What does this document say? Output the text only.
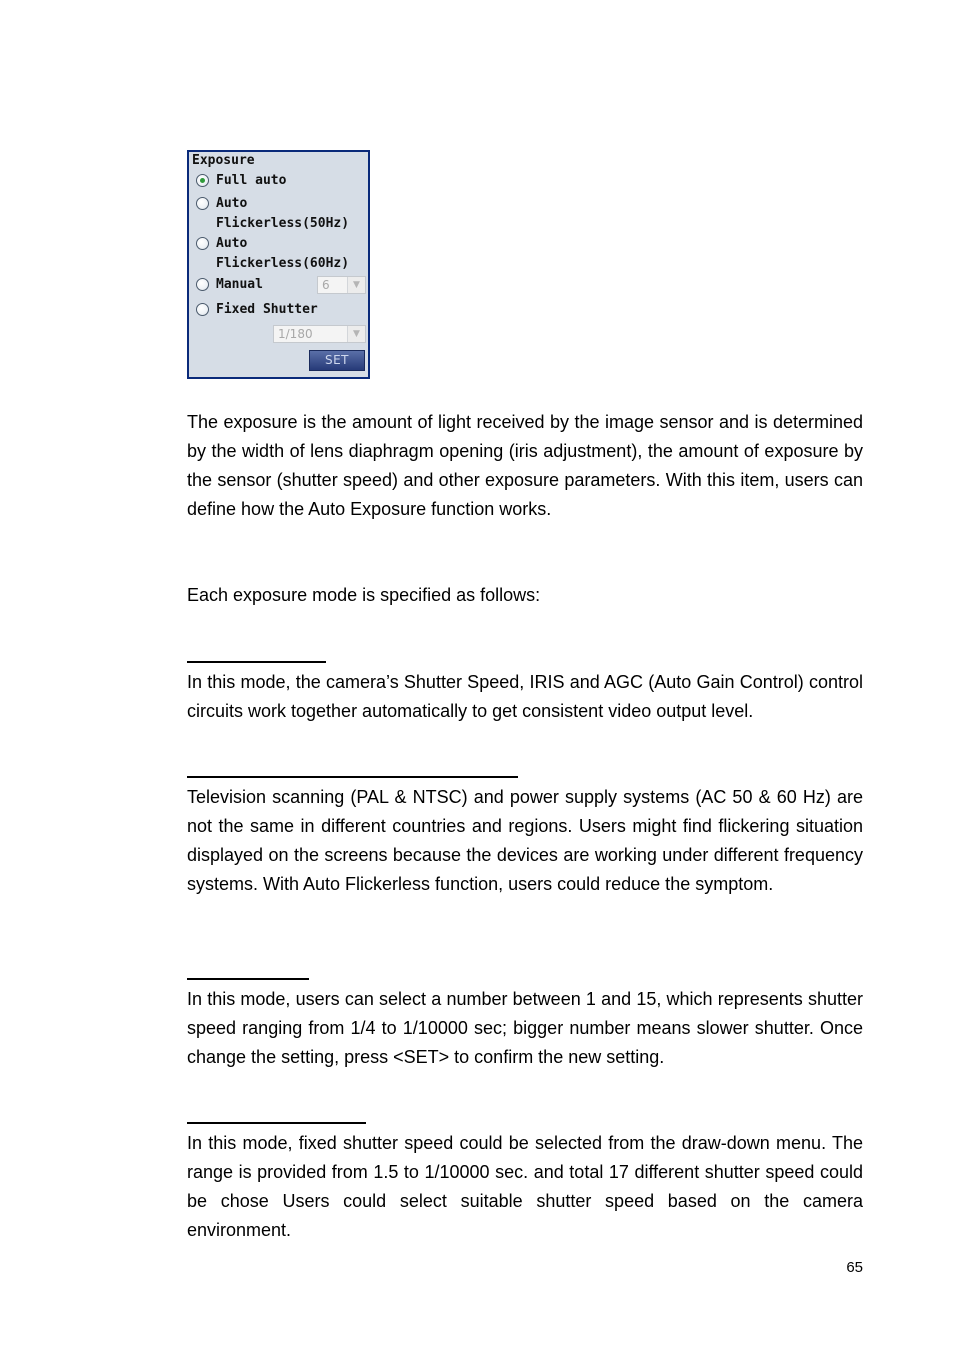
Exposure
Full auto
Auto
Flickerless(50Hz)
Auto
Flickerless(60Hz)
Manual	6	▼
Fixed Shutter
1/180	▼
SET

The exposure is the amount of light received by the image sensor and is determined by the width of lens diaphragm opening (iris adjustment), the amount of exposure by the sensor (shutter speed) and other exposure parameters. With this item, users can define how the Auto Exposure function works.

Each exposure mode is specified as follows:

In this mode, the camera’s Shutter Speed, IRIS and AGC (Auto Gain Control) control circuits work together automatically to get consistent video output level.

Television scanning (PAL & NTSC) and power supply systems (AC 50 & 60 Hz) are not the same in different countries and regions. Users might find flickering situation displayed on the screens because the devices are working under different frequency systems. With Auto Flickerless function, users could reduce the symptom.

In this mode, users can select a number between 1 and 15, which represents shutter speed ranging from 1/4 to 1/10000 sec; bigger number means slower shutter. Once change the setting, press <SET> to confirm the new setting.

In this mode, fixed shutter speed could be selected from the draw-down menu. The range is provided from 1.5 to 1/10000 sec. and total 17 different shutter speed could be chose Users could select suitable shutter speed based on the camera environment.

65
